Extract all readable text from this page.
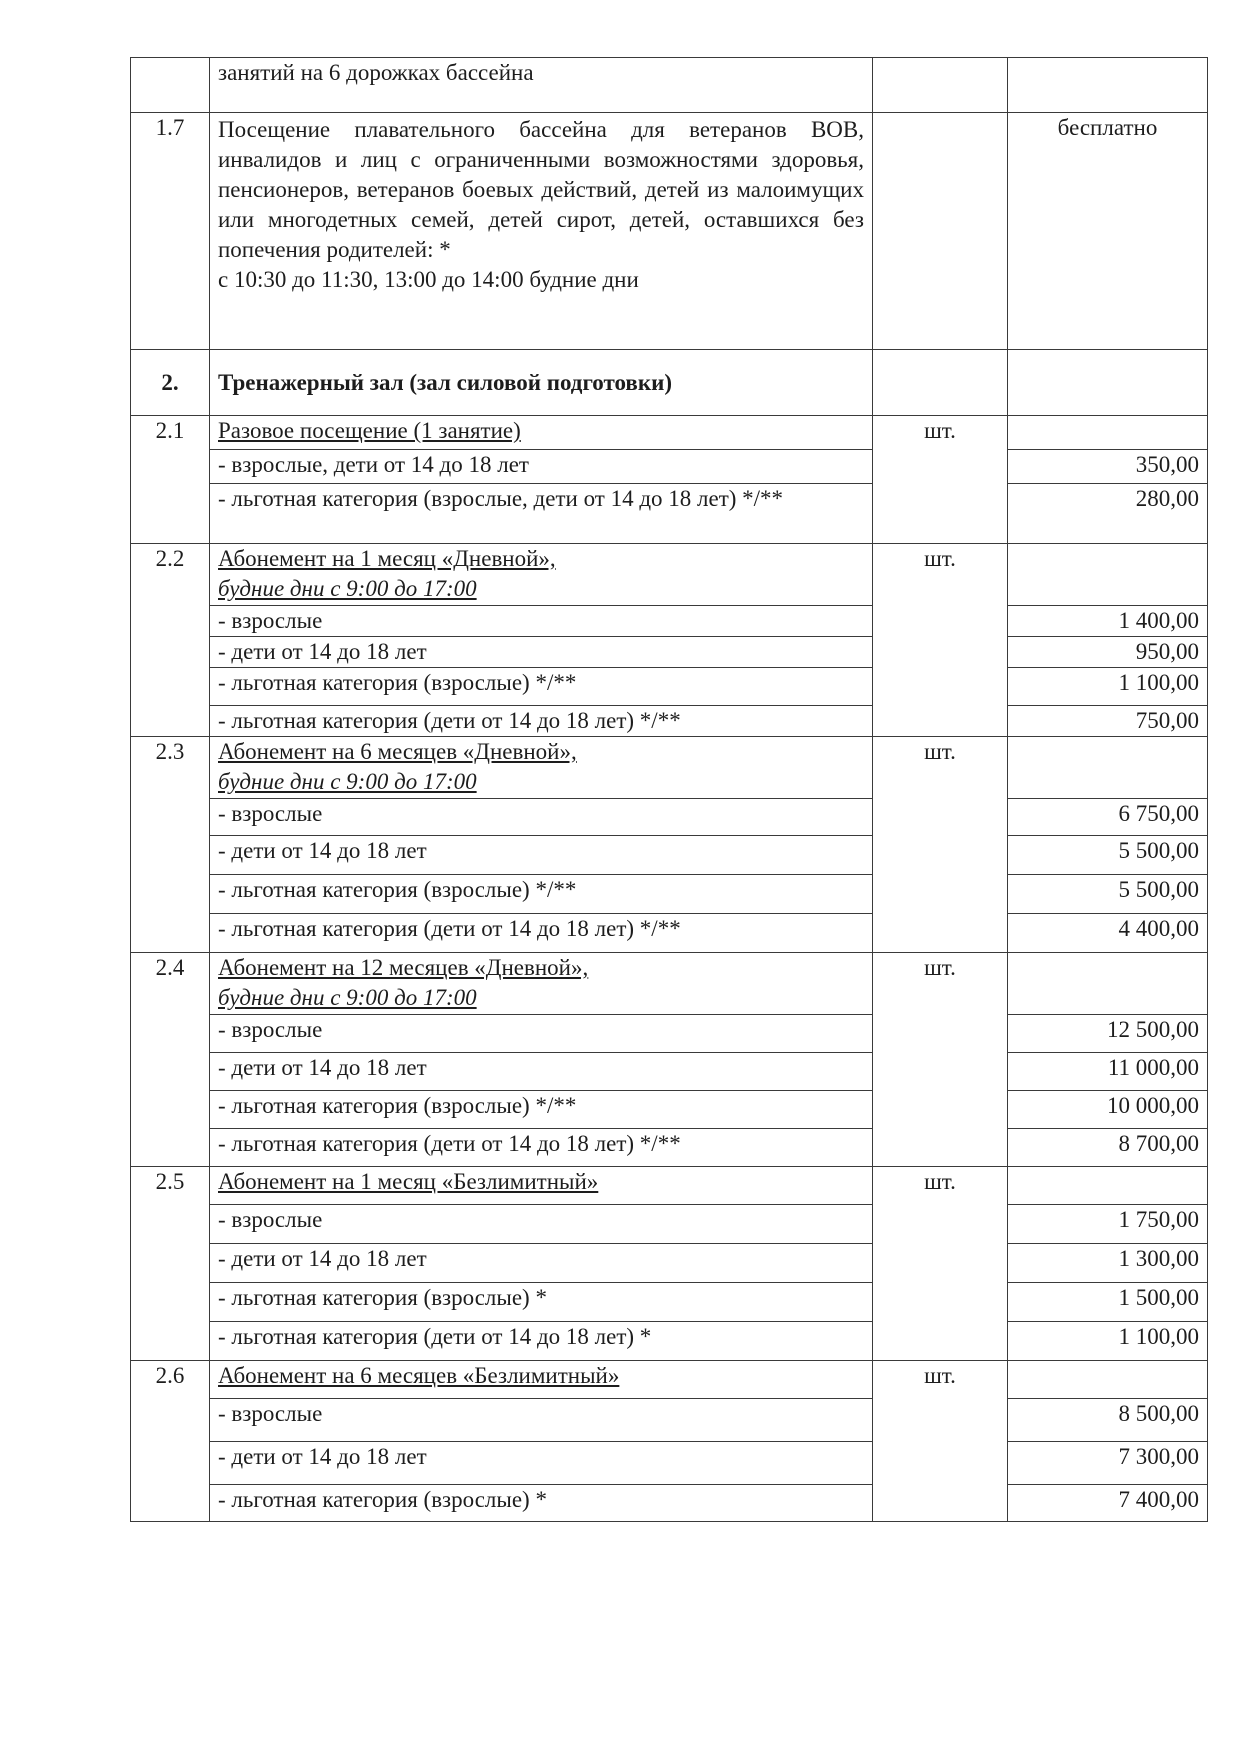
	занятий на 6 дорожках бассейна		
1.7	Посещение плавательного бассейна для ветеранов ВОВ, инвалидов и лиц с ограниченными возможностями здоровья, пенсионеров, ветеранов боевых действий, детей из малоимущих или многодетных семей, детей сирот, детей, оставшихся без попечения родителей: *
с 10:30 до 11:30, 13:00 до 14:00 будние дни		бесплатно
2.	Тренажерный зал (зал силовой подготовки)		
2.1	Разовое посещение (1 занятие)	шт.	
	- взрослые, дети от 14 до 18 лет		350,00
	- льготная категория (взрослые, дети от 14 до 18 лет) */**		280,00
2.2	Абонемент на 1 месяц «Дневной»,
будние дни с 9:00 до 17:00	шт.	
	- взрослые		1 400,00
	- дети от 14 до 18 лет		950,00
	- льготная категория (взрослые) */**		1 100,00
	- льготная категория (дети от 14 до 18 лет) */**		750,00
2.3	Абонемент на 6 месяцев «Дневной»,
будние дни с 9:00 до 17:00	шт.	
	- взрослые		6 750,00
	- дети от 14 до 18 лет		5 500,00
	- льготная категория (взрослые) */**		5 500,00
	- льготная категория (дети от 14 до 18 лет) */**		4 400,00
2.4	Абонемент на 12 месяцев «Дневной»,
будние дни с 9:00 до 17:00	шт.	
	- взрослые		12 500,00
	- дети от 14 до 18 лет		11 000,00
	- льготная категория (взрослые) */**		10 000,00
	- льготная категория (дети от 14 до 18 лет) */**		8 700,00
2.5	Абонемент на 1 месяц «Безлимитный»	шт.	
	- взрослые		1 750,00
	- дети от 14 до 18 лет		1 300,00
	- льготная категория (взрослые) *		1 500,00
	- льготная категория (дети от 14 до 18 лет) *		1 100,00
2.6	Абонемент на 6 месяцев «Безлимитный»	шт.	
	- взрослые		8 500,00
	- дети от 14 до 18 лет		7 300,00
	- льготная категория (взрослые) *		7 400,00
